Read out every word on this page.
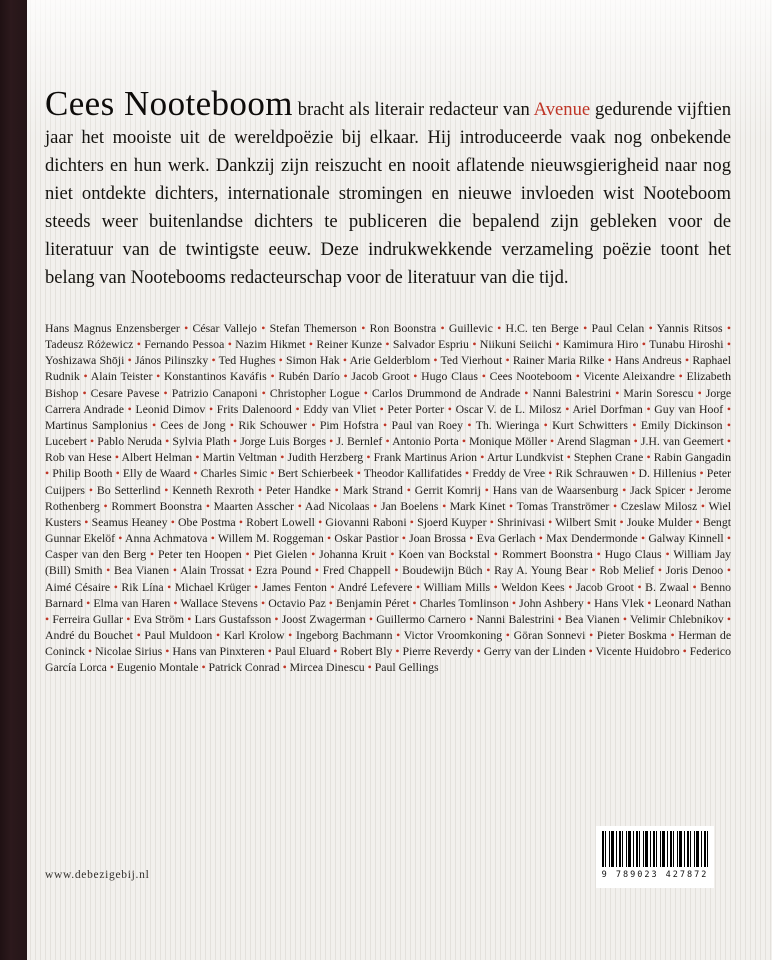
Cees Nooteboom bracht als literair redacteur van Avenue gedurende vijftien jaar het mooiste uit de wereldpoëzie bij elkaar. Hij introduceerde vaak nog onbekende dichters en hun werk. Dankzij zijn reiszucht en nooit aflatende nieuwsgierigheid naar nog niet ontdekte dichters, internationale stromingen en nieuwe invloeden wist Nooteboom steeds weer buitenlandse dichters te publiceren die bepalend zijn gebleken voor de literatuur van de twintigste eeuw. Deze indrukwekkende verzameling poëzie toont het belang van Nootebooms redacteurschap voor de literatuur van die tijd.

Hans Magnus Enzensberger • César Vallejo • Stefan Themerson • Ron Boonstra • Guillevic • H.C. ten Berge • Paul Celan • Yannis Ritsos • Tadeusz Różewicz • Fernando Pessoa • Nazim Hikmet • Reiner Kunze • Salvador Espriu • Niikuni Seiichi • Kamimura Hiro • Tunabu Hiroshi • Yoshizawa Shōji • János Pilinszky • Ted Hughes • Simon Hak • Arie Gelderblom • Ted Vierhout • Rainer Maria Rilke • Hans Andreus • Raphael Rudnik • Alain Teister • Konstantinos Kaváfis • Rubén Darío • Jacob Groot • Hugo Claus • Cees Nooteboom • Vicente Aleixandre • Elizabeth Bishop • Cesare Pavese • Patrizio Canaponi • Christopher Logue • Carlos Drummond de Andrade • Nanni Balestrini • Marin Sorescu • Jorge Carrera Andrade • Leonid Dimov • Frits Dalenoord • Eddy van Vliet • Peter Porter • Oscar V. de L. Milosz • Ariel Dorfman • Guy van Hoof • Martinus Samplonius • Cees de Jong • Rik Schouwer • Pim Hofstra • Paul van Roey • Th. Wieringa • Kurt Schwitters • Emily Dickinson • Lucebert • Pablo Neruda • Sylvia Plath • Jorge Luis Borges • J. Bernlef • Antonio Porta • Monique Möller • Arend Slagman • J.H. van Geemert • Rob van Hese • Albert Helman • Martin Veltman • Judith Herzberg • Frank Martinus Arion • Artur Lundkvist • Stephen Crane • Rabin Gangadin • Philip Booth • Elly de Waard • Charles Simic • Bert Schierbeek • Theodor Kallifatides • Freddy de Vree • Rik Schrauwen • D. Hillenius • Peter Cuijpers • Bo Setterlind • Kenneth Rexroth • Peter Handke • Mark Strand • Gerrit Komrij • Hans van de Waarsenburg • Jack Spicer • Jerome Rothenberg • Rommert Boonstra • Maarten Asscher • Aad Nicolaas • Jan Boelens • Mark Kinet • Tomas Tranströmer • Czeslaw Milosz • Wiel Kusters • Seamus Heaney • Obe Postma • Robert Lowell • Giovanni Raboni • Sjoerd Kuyper • Shrinivasi • Wilbert Smit • Jouke Mulder • Bengt Gunnar Ekelöf • Anna Achmatova • Willem M. Roggeman • Oskar Pastior • Joan Brossa • Eva Gerlach • Max Dendermonde • Galway Kinnell • Casper van den Berg • Peter ten Hoopen • Piet Gielen • Johanna Kruit • Koen van Bockstal • Rommert Boonstra • Hugo Claus • William Jay (Bill) Smith • Bea Vianen • Alain Trossat • Ezra Pound • Fred Chappell • Boudewijn Büch • Ray A. Young Bear • Rob Melief • Joris Denoo • Aimé Césaire • Rik Lína • Michael Krüger • James Fenton • André Lefevere • William Mills • Weldon Kees • Jacob Groot • B. Zwaal • Benno Barnard • Elma van Haren • Wallace Stevens • Octavio Paz • Benjamin Péret • Charles Tomlinson • John Ashbery • Hans Vlek • Leonard Nathan • Ferreira Gullar • Eva Ström • Lars Gustafsson • Joost Zwagerman • Guillermo Carnero • Nanni Balestrini • Bea Vianen • Velimir Chlebnikov • André du Bouchet • Paul Muldoon • Karl Krolow • Ingeborg Bachmann • Victor Vroomkoning • Göran Sonnevi • Pieter Boskma • Herman de Coninck • Nicolae Sirius • Hans van Pinxteren • Paul Eluard • Robert Bly • Pierre Reverdy • Gerry van der Linden • Vicente Huidobro • Federico García Lorca • Eugenio Montale • Patrick Conrad • Mircea Dinescu • Paul Gellings

www.debezigebij.nl	9 789023 427872
